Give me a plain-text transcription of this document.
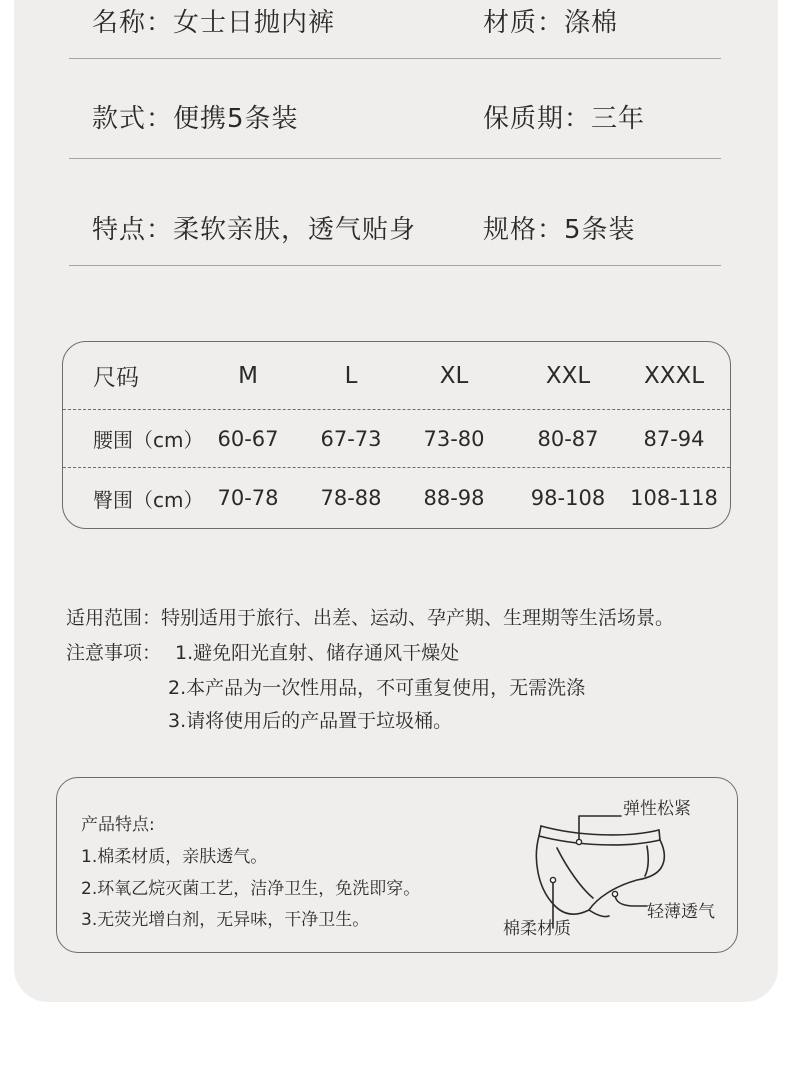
名称：女士日抛内裤	材质：涤棉
款式：便携5条装	保质期：三年
特点：柔软亲肤，透气贴身	规格：5条装
尺码	M	L	XL	XXL	XXXL
腰围（cm） 60-67	67-73	73-80	80-87	87-94
臀围（cm） 70-78	78-88	88-98	98-108	108-118
适用范围：特别适用于旅行、出差、运动、孕产期、生理期等生活场景。
注意事项： 1.避免阳光直射、储存通风干燥处
2.本产品为一次性用品，不可重复使用，无需洗涤
3.请将使用后的产品置于垃圾桶。
产品特点:
1.棉柔材质，亲肤透气。
2.环氧乙烷灭菌工艺，洁净卫生，免洗即穿。
3.无荧光增白剂，无异味，干净卫生。
弹性松紧
轻薄透气
棉柔材质
